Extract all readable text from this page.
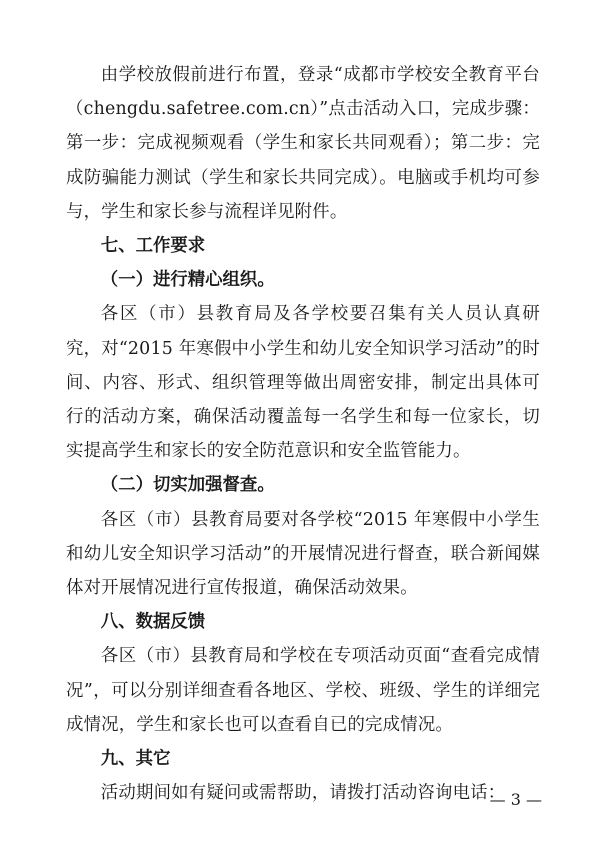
由学校放假前进行布置，登录“成都市学校安全教育平台（chengdu.safetree.com.cn）”点击活动入口，完成步骤：第一步：完成视频观看（学生和家长共同观看）；第二步：完成防骗能力测试（学生和家长共同完成）。电脑或手机均可参与，学生和家长参与流程详见附件。

七、工作要求

（一）进行精心组织。

各区（市）县教育局及各学校要召集有关人员认真研究，对“2015 年寒假中小学生和幼儿安全知识学习活动”的时间、内容、形式、组织管理等做出周密安排，制定出具体可行的活动方案，确保活动覆盖每一名学生和每一位家长，切实提高学生和家长的安全防范意识和安全监管能力。

（二）切实加强督查。

各区（市）县教育局要对各学校“2015 年寒假中小学生和幼儿安全知识学习活动”的开展情况进行督查，联合新闻媒体对开展情况进行宣传报道，确保活动效果。

八、数据反馈

各区（市）县教育局和学校在专项活动页面“查看完成情况”，可以分别详细查看各地区、学校、班级、学生的详细完成情况，学生和家长也可以查看自已的完成情况。

九、其它

活动期间如有疑问或需帮助，请拨打活动咨询电话：

— 3 —
